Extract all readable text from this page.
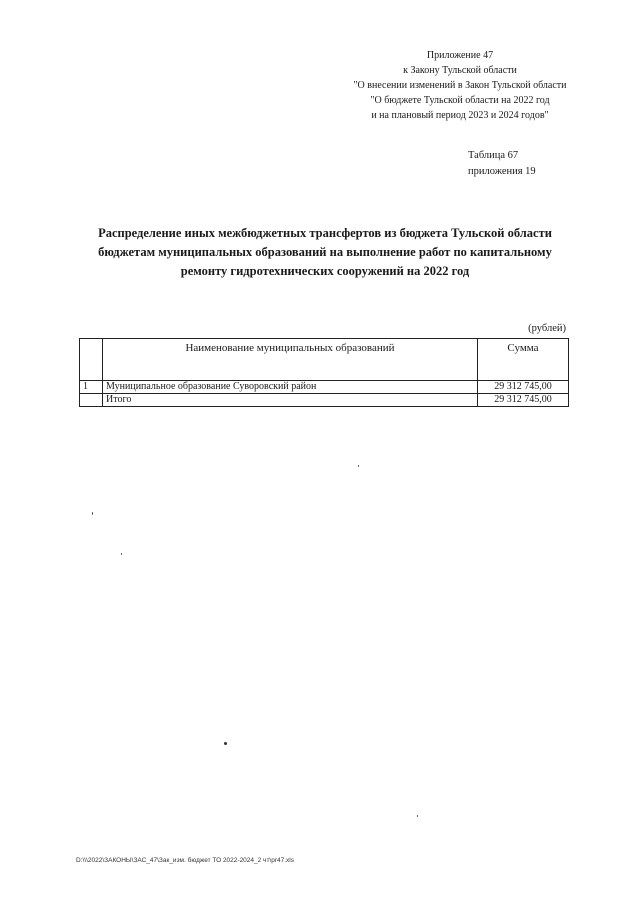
Приложение 47
к Закону Тульской области
"О внесении изменений в Закон Тульской области
"О бюджете Тульской области на 2022 год
и на плановый период 2023 и 2024 годов"
Таблица 67
приложения 19
Распределение иных межбюджетных трансфертов из бюджета Тульской области
бюджетам муниципальных образований на выполнение работ по капитальному
ремонту гидротехнических сооружений на 2022 год
(рублей)
	Наименование муниципальных образований	Сумма
1	Муниципальное образование Суворовский район	29 312 745,00
	Итого	29 312 745,00
D:\\\2022\ЗАКОНЫ\ЗАС_47\Зак_изм. бюджет ТО 2022-2024_2 чт\pr47.xls
